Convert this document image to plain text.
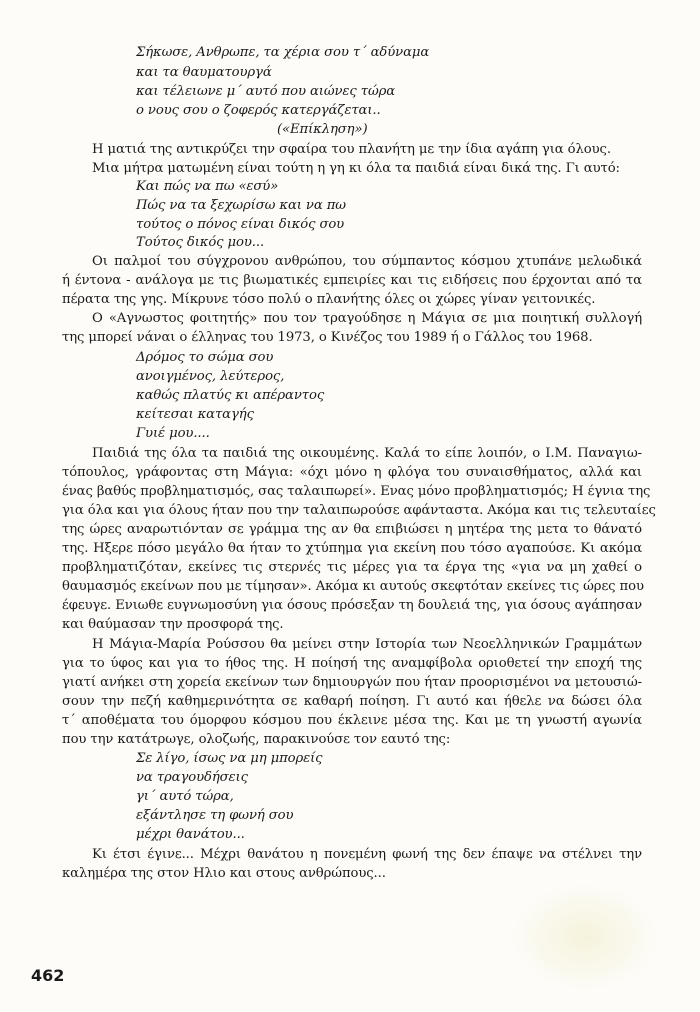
Σήκωσε, Ανθρωπε, τα χέρια σου τ΄ αδύναμα
και τα θαυματουργά
και τέλειωνε μ΄ αυτό που αιώνες τώρα
ο νους σου ο ζοφερός κατεργάζεται..
(«Επίκληση»)
Η ματιά της αντικρύζει την σφαίρα του πλανήτη με την ίδια αγάπη για όλους.
Μια μήτρα ματωμένη είναι τούτη η γη κι όλα τα παιδιά είναι δικά της. Γι αυτό:
Και πώς να πω «εσύ»
Πώς να τα ξεχωρίσω και να πω
τούτος ο πόνος είναι δικός σου
Τούτος δικός μου...
Οι παλμοί του σύγχρονου ανθρώπου, του σύμπαντος κόσμου χτυπάνε μελωδικά
ή έντονα - ανάλογα με τις βιωματικές εμπειρίες και τις ειδήσεις που έρχονται από τα
πέρατα της γης. Μίκρυνε τόσο πολύ ο πλανήτης όλες οι χώρες γίναν γειτονικές.
Ο «Αγνωστος φοιτητής» που τον τραγούδησε η Μάγια σε μια ποιητική συλλογή
της μπορεί νάναι ο έλληνας του 1973, ο Κινέζος του 1989 ή ο Γάλλος του 1968.
Δρόμος το σώμα σου
ανοιγμένος, λεύτερος,
καθώς πλατύς κι απέραντος
κείτεσαι καταγής
Γυιέ μου....
Παιδιά της όλα τα παιδιά της οικουμένης. Καλά το είπε λοιπόν, ο Ι.Μ. Παναγιω-
τόπουλος, γράφοντας στη Μάγια: «όχι μόνο η φλόγα του συναισθήματος, αλλά και
ένας βαθύς προβληματισμός, σας ταλαιπωρεί». Ενας μόνο προβληματισμός; Η έγνια της
για όλα και για όλους ήταν που την ταλαιπωρούσε αφάνταστα. Ακόμα και τις τελευταίες
της ώρες αναρωτιόνταν σε γράμμα της αν θα επιβιώσει η μητέρα της μετα το θάνατό
της. Ηξερε πόσο μεγάλο θα ήταν το χτύπημα για εκείνη που τόσο αγαπούσε. Κι ακόμα
προβληματιζόταν, εκείνες τις στερνές τις μέρες για τα έργα της «για να μη χαθεί ο
θαυμασμός εκείνων που με τίμησαν». Ακόμα κι αυτούς σκεφτόταν εκείνες τις ώρες που
έφευγε. Ενιωθε ευγνωμοσύνη για όσους πρόσεξαν τη δουλειά της, για όσους αγάπησαν
και θαύμασαν την προσφορά της.
Η Μάγια-Μαρία Ρούσσου θα μείνει στην Ιστορία των Νεοελληνικών Γραμμάτων
για το ύφος και για το ήθος της. Η ποίησή της αναμφίβολα οριοθετεί την εποχή της
γιατί ανήκει στη χορεία εκείνων των δημιουργών που ήταν προορισμένοι να μετουσιώ-
σουν την πεζή καθημερινότητα σε καθαρή ποίηση. Γι αυτό και ήθελε να δώσει όλα
τ΄ αποθέματα του όμορφου κόσμου που έκλεινε μέσα της. Και με τη γνωστή αγωνία
που την κατάτρωγε, ολοζωής, παρακινούσε τον εαυτό της:
Σε λίγο, ίσως να μη μπορείς
να τραγουδήσεις
γι΄ αυτό τώρα,
εξάντλησε τη φωνή σου
μέχρι θανάτου...
Κι έτσι έγινε... Μέχρι θανάτου η πονεμένη φωνή της δεν έπαψε να στέλνει την
καλημέρα της στον Ηλιο και στους ανθρώπους...
462
